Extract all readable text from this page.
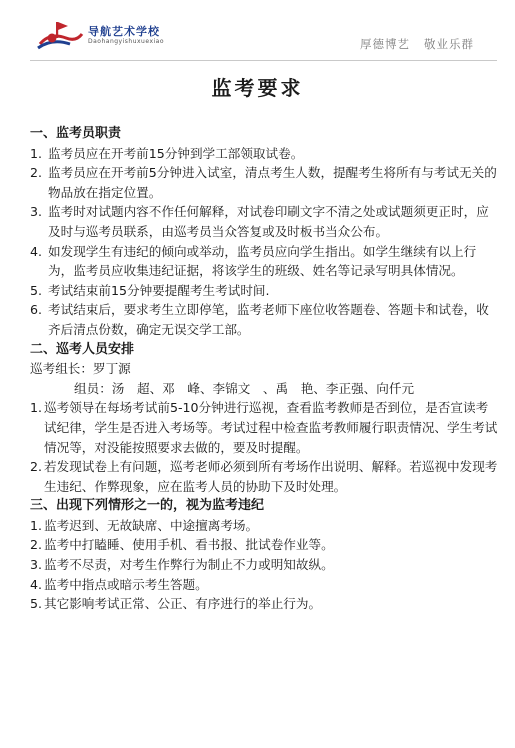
导航艺术学校
Daohangyishuxuexiao	厚德博艺 敬业乐群
监考要求
一、监考员职责
1. 监考员应在开考前15分钟到学工部领取试卷。
2. 监考员应在开考前5分钟进入试室，清点考生人数，提醒考生将所有与考试无关的物品放在指定位置。
3. 监考时对试题内容不作任何解释，对试卷印刷文字不清之处或试题须更正时，应及时与巡考员联系，由巡考员当众答复或及时板书当众公布。
4. 如发现学生有违纪的倾向或举动，监考员应向学生指出。如学生继续有以上行为，监考员应收集违纪证据，将该学生的班级、姓名等记录写明具体情况。
5. 考试结束前15分钟要提醒考生考试时间.
6. 考试结束后，要求考生立即停笔，监考老师下座位收答题卷、答题卡和试卷，收齐后清点份数，确定无误交学工部。
二、巡考人员安排
巡考组长：罗丁源
组员：汤　超、邓　峰、李锦文　、禹　艳、李正强、向仟元
1. 巡考领导在每场考试前5-10分钟进行巡视，查看监考教师是否到位，是否宣读考试纪律，学生是否进入考场等。考试过程中检查监考教师履行职责情况、学生考试情况等，对没能按照要求去做的，要及时提醒。
2. 若发现试卷上有问题，巡考老师必须到所有考场作出说明、解释。若巡视中发现考生违纪、作弊现象，应在监考人员的协助下及时处理。
三、出现下列情形之一的，视为监考违纪
1. 监考迟到、无故缺席、中途擅离考场。
2. 监考中打瞌睡、使用手机、看书报、批试卷作业等。
3. 监考不尽责，对考生作弊行为制止不力或明知故纵。
4. 监考中指点或暗示考生答题。
5. 其它影响考试正常、公正、有序进行的举止行为。
